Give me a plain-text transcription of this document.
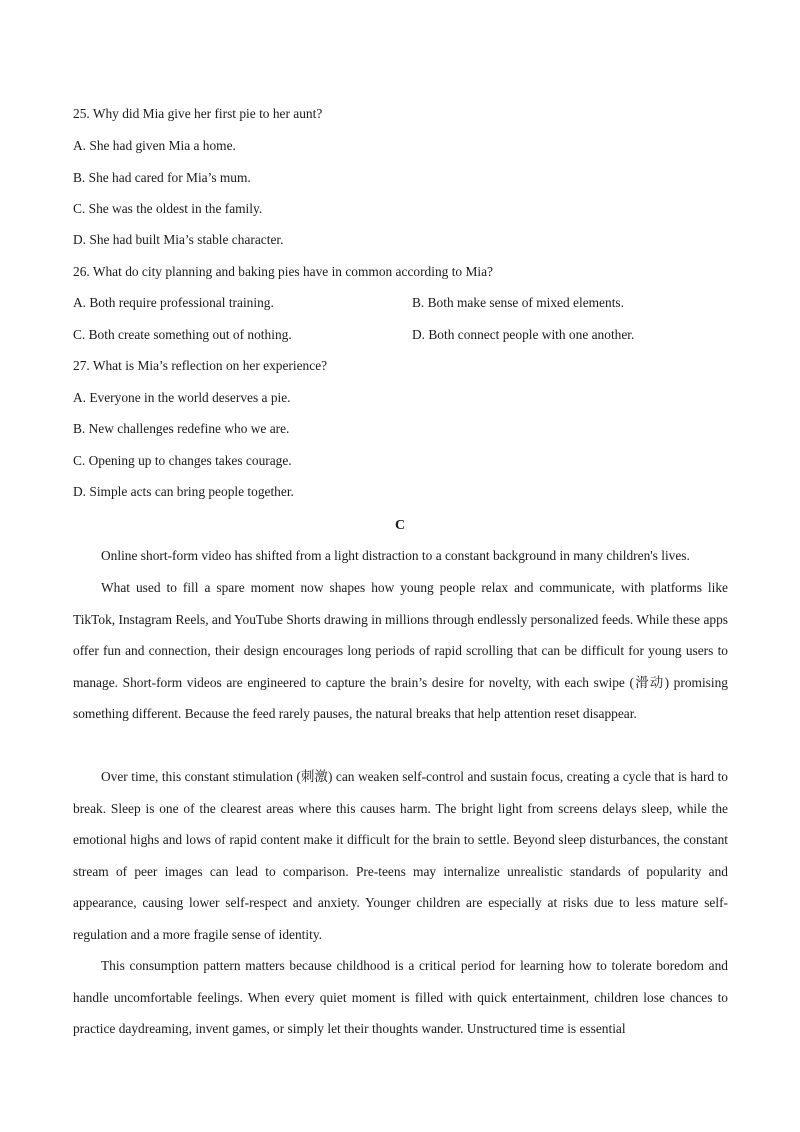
25. Why did Mia give her first pie to her aunt?
A. She had given Mia a home.
B. She had cared for Mia’s mum.
C. She was the oldest in the family.
D. She had built Mia’s stable character.
26. What do city planning and baking pies have in common according to Mia?
A. Both require professional training.	B. Both make sense of mixed elements.
C. Both create something out of nothing.	D. Both connect people with one another.
27. What is Mia’s reflection on her experience?
A. Everyone in the world deserves a pie.
B. New challenges redefine who we are.
C. Opening up to changes takes courage.
D. Simple acts can bring people together.
C

Online short-form video has shifted from a light distraction to a constant background in many children's lives.

What used to fill a spare moment now shapes how young people relax and communicate, with platforms like TikTok, Instagram Reels, and YouTube Shorts drawing in millions through endlessly personalized feeds. While these apps offer fun and connection, their design encourages long periods of rapid scrolling that can be difficult for young users to manage. Short-form videos are engineered to capture the brain’s desire for novelty, with each swipe (滑动) promising something different. Because the feed rarely pauses, the natural breaks that help attention reset disappear.

Over time, this constant stimulation (刺激) can weaken self-control and sustain focus, creating a cycle that is hard to break. Sleep is one of the clearest areas where this causes harm. The bright light from screens delays sleep, while the emotional highs and lows of rapid content make it difficult for the brain to settle. Beyond sleep disturbances, the constant stream of peer images can lead to comparison. Pre-teens may internalize unrealistic standards of popularity and appearance, causing lower self-respect and anxiety. Younger children are especially at risks due to less mature self-regulation and a more fragile sense of identity.

This consumption pattern matters because childhood is a critical period for learning how to tolerate boredom and handle uncomfortable feelings. When every quiet moment is filled with quick entertainment, children lose chances to practice daydreaming, invent games, or simply let their thoughts wander. Unstructured time is essential
